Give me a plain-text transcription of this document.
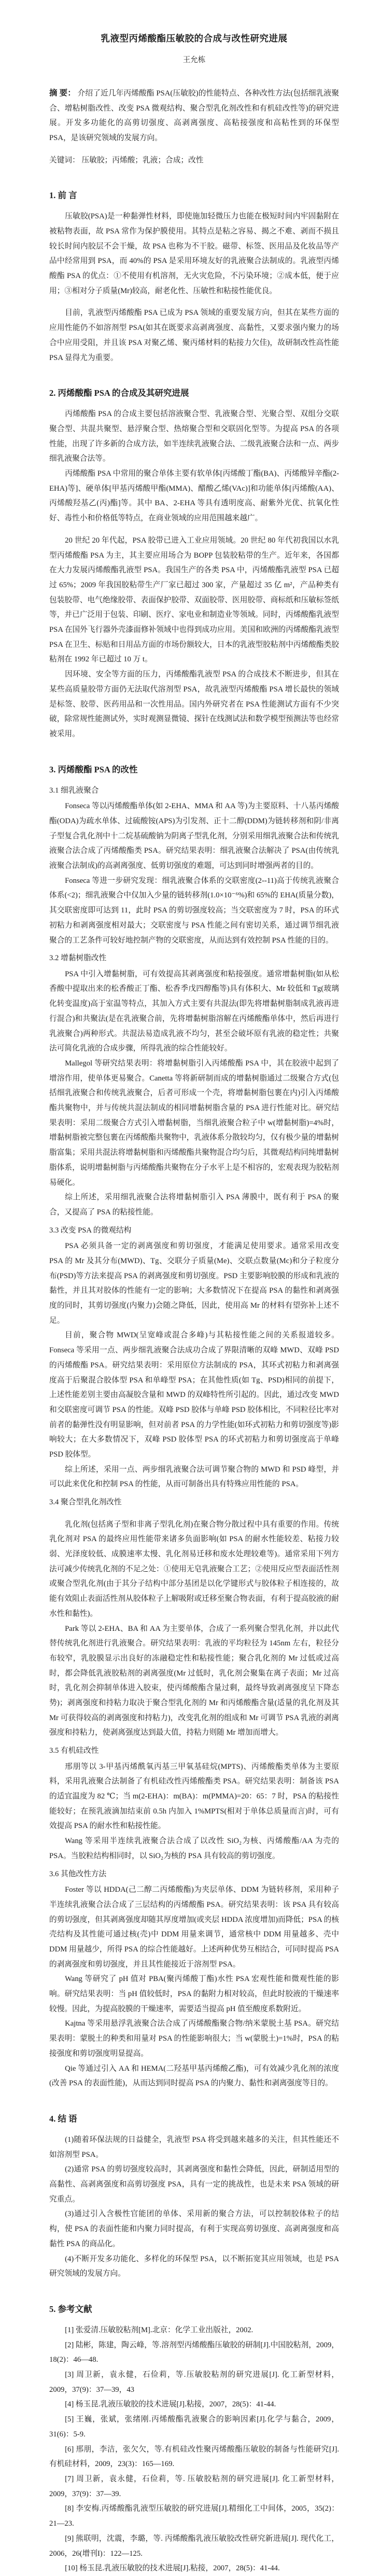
乳液型丙烯酸酯压敏胶的合成与改性研究进展
王允栋

摘 要： 介绍了近几年丙烯酸酯 PSA(压敏胶)的性能特点、各种改性方法(包括细乳液聚合、增粘树脂改性、改变 PSA 微观结构、聚合型乳化剂改性和有机硅改性等)的研究进展。开发多功能化的高剪切强度、高剥离强度、高粘接强度和高粘性到的环保型 PSA，是该研究领域的发展方向。

关键词： 压敏胶；丙烯酸；乳液；合成；改性

1. 前 言

压敏胶(PSA)是一种黏弹性材料，即使施加轻微压力也能在极短时间内牢固黏附在被粘物表面，故 PSA 常作为保护膜使用。其特点是粘之容易、揭之不难、剥而不损且较长时间内胶层不会干燥，故 PSA 也称为不干胶。磁带、标签、医用品及化妆品等产品中经常用到 PSA，而 40%的 PSA 是采用环境友好的乳液聚合法制成的。乳液型丙烯酸酯 PSA 的优点：①不使用有机溶剂，无火灾危险，不污染环境；②成本低，便于应用；③相对分子质量(Mr)较高，耐老化性、压敏性和粘接性能优良。

目前，乳液型丙烯酸酯 PSA 已成为 PSA 领域的重要发展方向，但其在某些方面的应用性能仍不如溶剂型 PSA(如其在既要求高剥离强度、高黏性，又要求强内聚力的场合中应用受阻，并且该 PSA 对聚乙烯、聚丙烯材料的粘接力欠佳)，故研制改性高性能 PSA 显得尤为重要。

2. 丙烯酸酯 PSA 的合成及其研究进展

丙烯酸酯 PSA 的合成主要包括溶液聚合型、乳液聚合型、光聚合型、双组分交联聚合型、共混共聚型、悬浮聚合型、热熔聚合型和交联固化型等。为提高 PSA 的各项性能，出现了许多新的合成方法，如半连续乳液聚合法、二级乳液聚合法和一点、两步细乳液聚合法等。

丙烯酸酯 PSA 中常用的聚合单体主要有软单体[丙烯酸丁酯(BA)、丙烯酸异辛酯(2-EHA)等]、硬单体[甲基丙烯酸甲酯(MMA)、醋酸乙烯(VAc)]和功能单体[丙烯酸(AA)、丙烯酸羟基乙(丙)酯]等。其中 BA、2-EHA 等具有透明度高、耐紫外光优、抗氧化性好、毒性小和价格低等特点，在商业领域的应用范围越来越广。

20 世纪 20 年代起，PSA 胶带已进入工业应用领域。20 世纪 80 年代初我国以水乳型丙烯酸酯 PSA 为主，其主要应用场合为 BOPP 包装胶粘带的生产。近年来，各国都在大力发展丙烯酸酯乳液型 PSA。我国生产的各类 PSA 中，丙烯酸酯乳液型 PSA 已超过 65%；2009 年我国胶粘带生产厂家已超过 300 家，产量超过 35 亿 m²，产品种类有包装胶带、电气绝缘胶带、表面保护胶带、双面胶带、医用胶带、商标纸和压敏标签纸等，并已广泛用于包装、印刷、医疗、家电业和制造业等领域。同时，丙烯酸酯乳液型 PSA 在国外飞行器外壳漆面修补领域中也得到成功应用。美国和欧洲的丙烯酸酯乳液型 PSA 在卫生、标贴和日用品方面的市场份额较大，日本的乳液型胶粘剂中丙烯酸酯类胶粘剂在 1992 年已超过 10 万 t。

因环境、安全等方面的压力，丙烯酸酯乳液型 PSA 的合成技术不断进步，但其在某些高质量胶带方面仍无法取代溶剂型 PSA，故乳液型丙烯酸酯 PSA 增长最快的领域是标签、胶带、医药用品和一次性用品。国内外研究者在 PSA 性能测试方面有不少突破，除常规性能测试外，实时观测显微镜、探针在线测试法和数学模型预测法等也经常被采用。

3. 丙烯酸酯 PSA 的改性
3.1 细乳液聚合

Fonseca 等以丙烯酸酯单体(如 2-EHA、MMA 和 AA 等)为主要原料、十八基丙烯酸酯(ODA)为疏水单体、过硫酸铵(APS)为引发剂、正十二醇(DDM)为链转移剂和阴/非离子型复合乳化剂中十二烷基硫酸钠为阴离子型乳化剂，分别采用细乳液聚合法和传统乳液聚合法合成了丙烯酸酯类 PSA。研究结果表明：细乳液聚合法解决了 PSA(由传统乳液聚合法制成)的高剥离强度、低剪切强度的难题，可达到同时增强两者的目的。

Fonseca 等进一步研究发现：细乳液聚合体系的交联密度(2--11)高于传统乳液聚合体系(<2)；细乳液聚合中仅加入少量的链转移剂(1.0×10⁻⁶%)和 65%的 EHA(质量分数)，其交联密度即可达到 11，此时 PSA 的剪切强度较高；当交联密度为 7 时，PSA 的环式初粘力和剥离强度相对最大；交联密度与 PSA 性能之间有密切关系，通过调节细乳液聚合的工艺条件可较好地控制产物的交联密度，从而达到有效控制 PSA 性能的目的。

3.2 增黏树脂改性

PSA 中引入增黏树脂，可有效提高其剥离强度和粘接强度。通常增黏树脂(如从松香酸中提取出来的松香酸正丁酯、松香季戊四醇酯等)具有体积大、Mr 较低和 Tg(玻璃化转变温度)高于室温等特点，其加入方式主要有共混法(即先将增黏树脂制成乳液再进行混合)和共聚法(是在乳液聚合前，先将增黏树脂溶解在丙烯酸酯单体中，然后再进行乳液聚合)两种形式。共混法易造成乳液不均匀，甚至会破坏原有乳液的稳定性；共聚法可简化乳液的合成步骤，所得乳液的综合性能较好。

Mallegol 等研究结果表明：将增黏树脂引入丙烯酸酯 PSA 中，其在胶液中起到了增溶作用，使单体更易聚合。Canetta 等将新研制而成的增黏树脂通过二级聚合方式(包括细乳液聚合和传统乳液聚合，后者可形成一个壳，将增黏树脂包裹在内)引入丙烯酸酯共聚物中，并与传统共混法制成的相同增黏树脂含量的 PSA 进行性能对比。研究结果表明：采用二级聚合方式引入增黏树脂，当细乳液聚合粒子中 w(增黏树脂)=4%时，增黏树脂被完整包裹在丙烯酸酯共聚物中，乳液体系分散较均匀，仅有极少量的增黏树脂富集；采用共混法将增黏树脂和丙烯酸酯共聚物混合均匀后，其微观结构同纯增黏树脂体系，说明增黏树脂与丙烯酸酯共聚物在分子水平上是不相容的，宏观表现为胶粘剂易硬化。

综上所述，采用细乳液聚合法将增黏树脂引入 PSA 薄膜中，既有利于 PSA 的聚合，又提高了 PSA 的粘接性能。

3.3 改变 PSA 的微观结构

PSA 必须具备一定的剥离强度和剪切强度，才能满足使用要求。通常采用改变 PSA 的 Mr 及其分布(MWD)、Tg、交联分子质量(Me)、交联点数量(Mc)和分子粒度分布(PSD)等方法来提高 PSA 的剥离强度和剪切强度。PSD 主要影响胶膜的形成和乳液的黏性，并且其对胶体的性能有一定的影响；大多数情况下在提高 PSA 的黏性和剥离强度的同时，其剪切强度(内聚力)会随之降低，因此，使用高 Mr 的材料有望弥补上述不足。

目前，聚合物 MWD(呈宽峰或混合多峰)与其粘接性能之间的关系报道较多。Fonseca 等采用一点、两步细乳液聚合法成功合成了界限清晰的双峰 MWD、双峰 PSD 的丙烯酸酯 PSA。研究结果表明：采用原位方法制成的 PSA，其环式初粘力和剥离强度高于后聚混合胶体型 PSA 和单峰型 PSA；在其他性质(如 Tg、PSD)相同的前提下，上述性能差别主要由高凝胶含量和 MWD 的双峰特性所引起的。因此，通过改变 MWD 和交联密度可调节 PSA 的性能。双峰 PSD 胶体与单峰 PSD 胶体相比，不同粒径比率对前者的黏弹性没有明显影响，但对前者 PSA 的力学性能(如环式初粘力和剪切强度等)影响较大；在大多数情况下，双峰 PSD 胶体型 PSA 的环式初粘力和剪切强度高于单峰 PSD 胶体型。

综上所述，采用一点、两步细乳液聚合法可调节聚合物的 MWD 和 PSD 峰型，并可以此来优化和控制 PSA 的性能，从而可制备出具有特殊应用性能的 PSA。

3.4 聚合型乳化剂改性

乳化剂(包括离子型和非离子型乳化剂)在聚合物分散过程中具有重要的作用。传统乳化剂对 PSA 的最终应用性能带来诸多负面影响(如 PSA 的耐水性能较差、粘接力较弱、光泽度较低、成膜速率太慢、乳化剂易迁移和废水处理较难等)。通常采用下列方法可减少传统乳化剂的不足之处：①使用无皂乳液聚合工艺；②使用反应型表面活性剂或聚合型乳化剂(由于其分子结构中部分基团是以化学键形式与胶体粒子相连接的，故能有效阻止表面活性剂从胶体粒子上解吸附或迁移至聚合物表面，有利于提高胶液的耐水性和黏性)。

Park 等以 2-EHA、BA 和 AA 为主要单体，合成了一系列聚合型乳化剂，并以此代替传统乳化剂进行乳液聚合。研究结果表明：乳液的平均粒径为 145nm 左右，粒径分布较窄，乳胶膜显示出良好的冻融稳定性和粘接性能；聚合乳化剂的 Mr 过低或过高时，都会降低乳液胶粘剂的剥离强度(Mr 过低时，乳化剂会聚集在离子表面；Mr 过高时，乳化剂会抑制单体进入胶束，使丙烯酸酯含量过剩，最终导致剥离强度呈下降态势)；剥离强度和持粘力取决于聚合型乳化剂的 Mr 和丙烯酸酯含量(适量的乳化剂及其 Mr 可获得较高的剥离强度和持粘力)，改变乳化剂的组成和 Mr 可调节 PSA 乳液的剥离强度和持粘力，使剥离强度达到最大值，持粘力则随 Mr 增加而增大。

3.5 有机硅改性

邢朋等以 3-甲基丙烯酰氧丙基三甲氧基硅烷(MPTS)、丙烯酸酯类单体为主要原料，采用乳液聚合法制备了有机硅改性丙烯酸酯类 PSA。研究结果表明：制备该 PSA 的适宜温度为 82 ℃；当 m(2-EHA)：m(BA)：m(PMMA)=20：65：7 时，PSA 的粘接性能较好；在预乳液滴加结束前 0.5h 内加入 1%MPTS(相对于单体总质量而言)时，可有效提高 PSA 的耐水性和粘接性能。

Wang 等采用半连续乳液聚合法合成了以改性 SiO₂为核、丙烯酸酯/AA 为壳的 PSA。当胶粒结构相同时，以 SiO₂为核的 PSA 具有较高的剪切强度。

3.6 其他改性方法

Foster 等以 HDDA(己二醇二丙烯酸酯)为夹层单体、DDM 为链转移剂，采用种子半连续乳液聚合法合成了三层结构的丙烯酸酯 PSA。研究结果表明：该 PSA 具有较高的剪切强度，但其剥离强度却随其厚度增加(或夹层 HDDA 浓度增加)而降低；PSA 的核壳结构及其性能可通过核(壳)中 DDM 用量来调节，通常核中 DDM 用量越多、壳中 DDM 用量越少，所得 PSA 的综合性能越好。上述两种优势互相结合，可同时提高 PSA 的剥离强度和剪切强度，并且其性能接近于溶剂型 PSA。

Wang 等研究了 pH 值对 PBA(聚丙烯酸丁酯)水性 PSA 宏观性能和微观性能的影响。研究结果表明：当 pH 值较低时，PSA 的黏附力相对较高，但此时胶液的干燥速率较慢。因此，为提高胶膜的干燥速率，需要适当提高 pH 值至酸度系数附近。

Kajtna 等采用悬浮乳液聚合法合成了丙烯酸酯聚合物/纳米蒙脱土基 PSA。研究结果表明：蒙脱土的种类和用量对 PSA 的性能影响很大；当 w(蒙脱土)=1%时，PSA 的粘接强度和剪切强度明显提高。

Qie 等通过引入 AA 和 HEMA(二羟基甲基丙烯酸乙酯)，可有效减少乳化剂的浓度(改善 PSA 的表面性能)，从而达到同时提高 PSA 的内聚力、黏性和剥离强度等目的。

4. 结 语

(1)随着环保法规的日益健全，乳液型 PSA 将受到越来越多的关注，但其性能还不如溶剂型 PSA。

(2)通常 PSA 的剪切强度较高时，其剥离强度和黏性会降低，因此，研制适用型的高黏性、高剥离强度和高剪切强度 PSA，具有一定的挑战性，也是未来 PSA 领域的研究重点。

(3)通过引入含极性官能团的单体、采用新的聚合方法，可以控制胶体粒子的结构，使 PSA 的表面性能和内聚力同时提高，有利于实现高剪切强度、高剥离强度和高黏性 PSA 的商品化。

(4)不断开发多功能化、多样化的环保型 PSA，以不断拓宽其应用领域，也是 PSA 研究领域的发展方向。

5. 参考文献

[1] 张爱清.压敏胶粘剂[M].北京：化学工业出版社，2002.

[2] 陆彬，陈建，陶云峰，等.溶剂型丙烯酸酯压敏胶的研制[J].中国胶粘剂，2009，18(2)：46—48.

[3] 周卫新，袁永健，石俭莉，等.压敏胶粘剂的研究进展[J]. 化工新型材料，2009，37(9)：37—39，43

[4] 杨玉昆.乳液压敏胶的技术进展[J].粘接，2007，28(5)：41-44.

[5] 王巍，张斌，张绪刚.丙烯酸酯乳液聚合的影响因素[J].化学与黏合，2009，31(6)：5-9.

[6] 邢朋，李洁，张欠欠，等.有机硅改性聚丙烯酸酯压敏胶的制备与性能研究[J]. 有机硅材料，2009，23(3)：165—169.

[7] 周卫新，袁永健，石俭莉，等. 压敏胶粘剂的研究进展[J]. 化工新型材料，2009，37(9)：37—39.

[8] 李安梅.丙烯酸酯乳液型压敏胶的研究进展[J].精细化工中间体，2005，35(2)：21—23.

[9] 熊联明，沈震，李璐，等. 丙烯酸酯乳液压敏胶改性研究新进展[J]. 现代化工，2006，26(增刊I)：122—125.

[10] 杨玉昆.乳液压敏胶的技术进展[J].粘接，2007，28(5)：41-44.
